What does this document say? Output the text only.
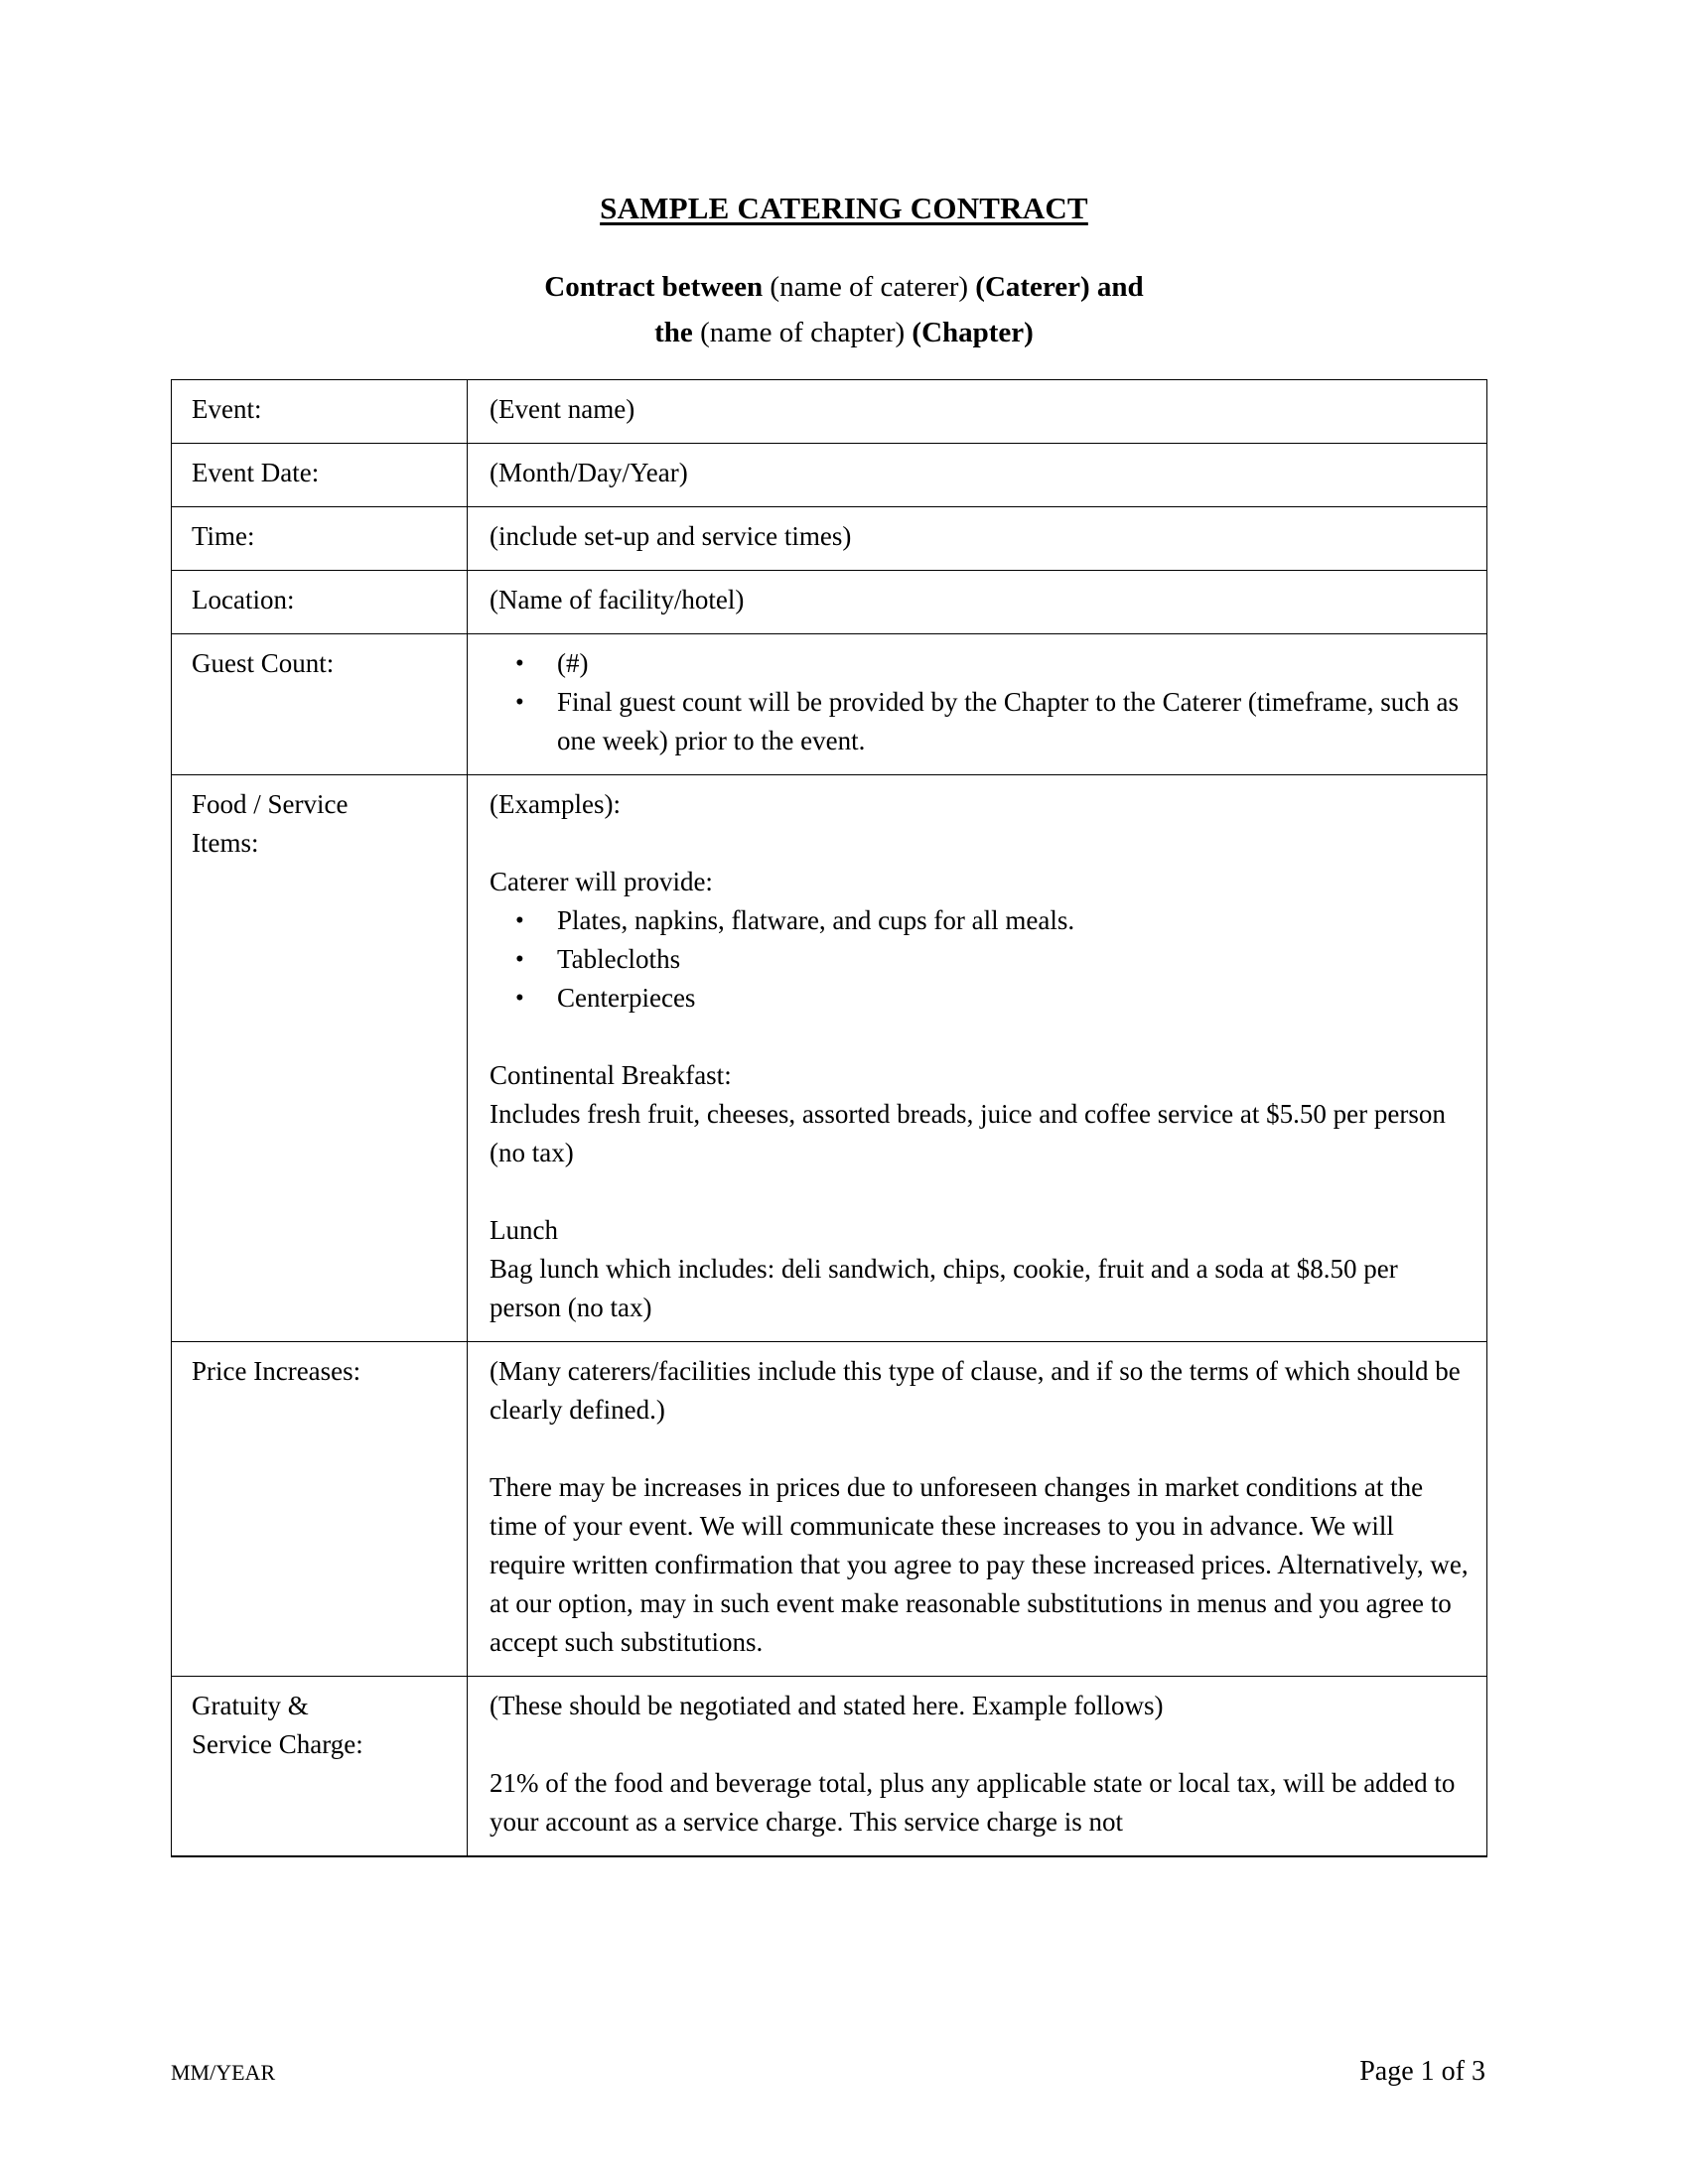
SAMPLE CATERING CONTRACT
Contract between (name of caterer) (Caterer) and
the (name of chapter) (Chapter)
Event:	(Event name)
Event Date:	(Month/Day/Year)
Time:	(include set-up and service times)
Location:	(Name of facility/hotel)
Guest Count:	
•(#)
• Final guest count will be provided by the Chapter to the Caterer (timeframe, such as one week) prior to the event.

Food / Service
Items:

(Examples):
Caterer will provide:
• Plates, napkins, flatware, and cups for all meals.
• Tablecloths
• Centerpieces
Continental Breakfast:
Includes fresh fruit, cheeses, assorted breads, juice and coffee service at $5.50 per person (no tax)
Lunch
Bag lunch which includes: deli sandwich, chips, cookie, fruit and a soda at $8.50 per person (no tax)

Price Increases:	(Many caterers/facilities include this type of clause, and if so the terms of which should be clearly defined.)
There may be increases in prices due to unforeseen changes in market conditions at the time of your event. We will communicate these increases to you in advance. We will require written confirmation that you agree to pay these increased prices. Alternatively, we, at our option, may in such event make reasonable substitutions in menus and you agree to accept such substitutions.

Gratuity &
Service Charge:

(These should be negotiated and stated here. Example follows)
21% of the food and beverage total, plus any applicable state or local tax, will be added to your account as a service charge. This service charge is not
MM/YEAR	Page 1 of 3
